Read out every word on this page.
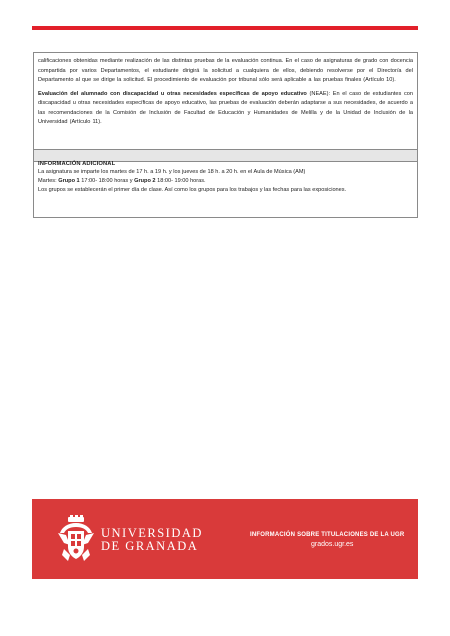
calificaciones obtenidas mediante realización de las distintas pruebas de la evaluación continua. En el caso de asignaturas de grado con docencia compartida por varios Departamentos, el estudiante dirigirá la solicitud a cualquiera de ellos, debiendo resolverse por el Director/a del Departamento al que se dirige la solicitud. El procedimiento de evaluación por tribunal sólo será aplicable a las pruebas finales (Artículo 10).

Evaluación del alumnado con discapacidad u otras necesidades específicas de apoyo educativo (NEAE): En el caso de estudiantes con discapacidad u otras necesidades específicas de apoyo educativo, las pruebas de evaluación deberán adaptarse a sus necesidades, de acuerdo a las recomendaciones de la Comisión de Inclusión de Facultad de Educación y Humanidades de Melilla y de la Unidad de Inclusión de la Universidad (Artículo 11).

INFORMACIÓN ADICIONAL
La asignatura se imparte los martes de 17 h. a 19 h. y los jueves de 18 h. a 20 h. en el Aula de Música (AM)
Martes: Grupo 1 17:00- 18:00 horas y Grupo 2 18:00- 19:00 horas.
Los grupos se establecerán el primer día de clase. Así como los grupos para los trabajos y las fechas para las exposiciones.
UNIVERSIDAD
DE GRANADA
INFORMACIÓN SOBRE TITULACIONES DE LA UGR
grados.ugr.es
